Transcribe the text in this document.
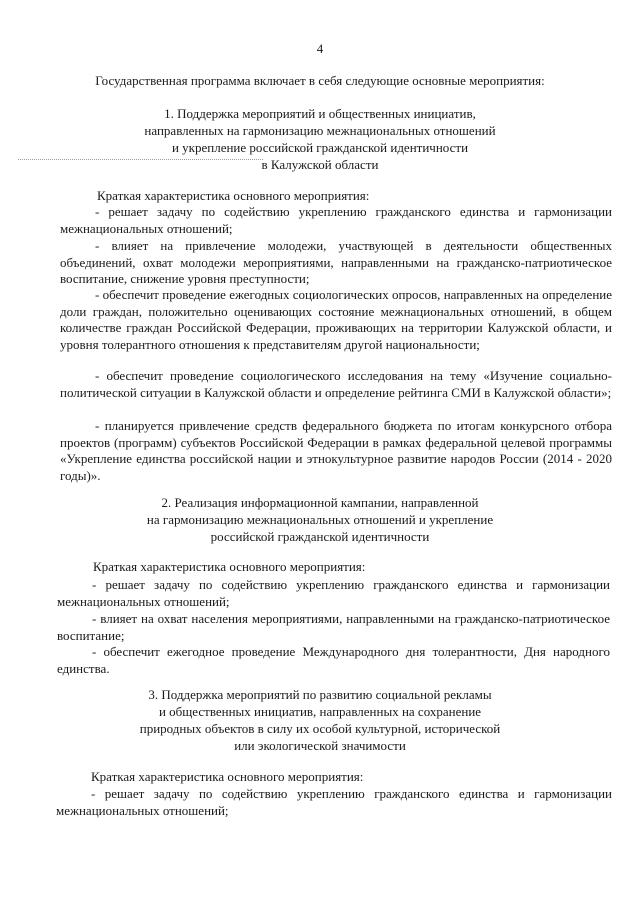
4
Государственная программа включает в себя следующие основные мероприятия:
1. Поддержка мероприятий и общественных инициатив,
направленных на гармонизацию межнациональных отношений
и укрепление российской гражданской идентичности
в Калужской области
Краткая характеристика основного мероприятия:
- решает задачу по содействию укреплению гражданского единства и гармонизации межнациональных отношений;
- влияет на привлечение молодежи, участвующей в деятельности общественных объединений, охват молодежи мероприятиями, направленными на гражданско-патриотическое воспитание, снижение уровня преступности;
- обеспечит проведение ежегодных социологических опросов, направленных на определение доли граждан, положительно оценивающих состояние межнациональных отношений, в общем количестве граждан Российской Федерации, проживающих на территории Калужской области, и уровня толерантного отношения к представителям другой национальности;
- обеспечит проведение социологического исследования на тему «Изучение социально-политической ситуации в Калужской области и определение рейтинга СМИ в Калужской области»;
- планируется привлечение средств федерального бюджета по итогам конкурсного отбора проектов (программ) субъектов Российской Федерации в рамках федеральной целевой программы «Укрепление единства российской нации и этнокультурное развитие народов России (2014 - 2020 годы)».
2. Реализация информационной кампании, направленной
на гармонизацию межнациональных отношений и укрепление
российской гражданской идентичности
Краткая характеристика основного мероприятия:
- решает задачу по содействию укреплению гражданского единства и гармонизации межнациональных отношений;
- влияет на охват населения мероприятиями, направленными на гражданско-патриотическое воспитание;
- обеспечит ежегодное проведение Международного дня толерантности, Дня народного единства.
3. Поддержка мероприятий по развитию социальной рекламы
и общественных инициатив, направленных на сохранение
природных объектов в силу их особой культурной, исторической
или экологической значимости
Краткая характеристика основного мероприятия:
- решает задачу по содействию укреплению гражданского единства и гармонизации межнациональных отношений;
